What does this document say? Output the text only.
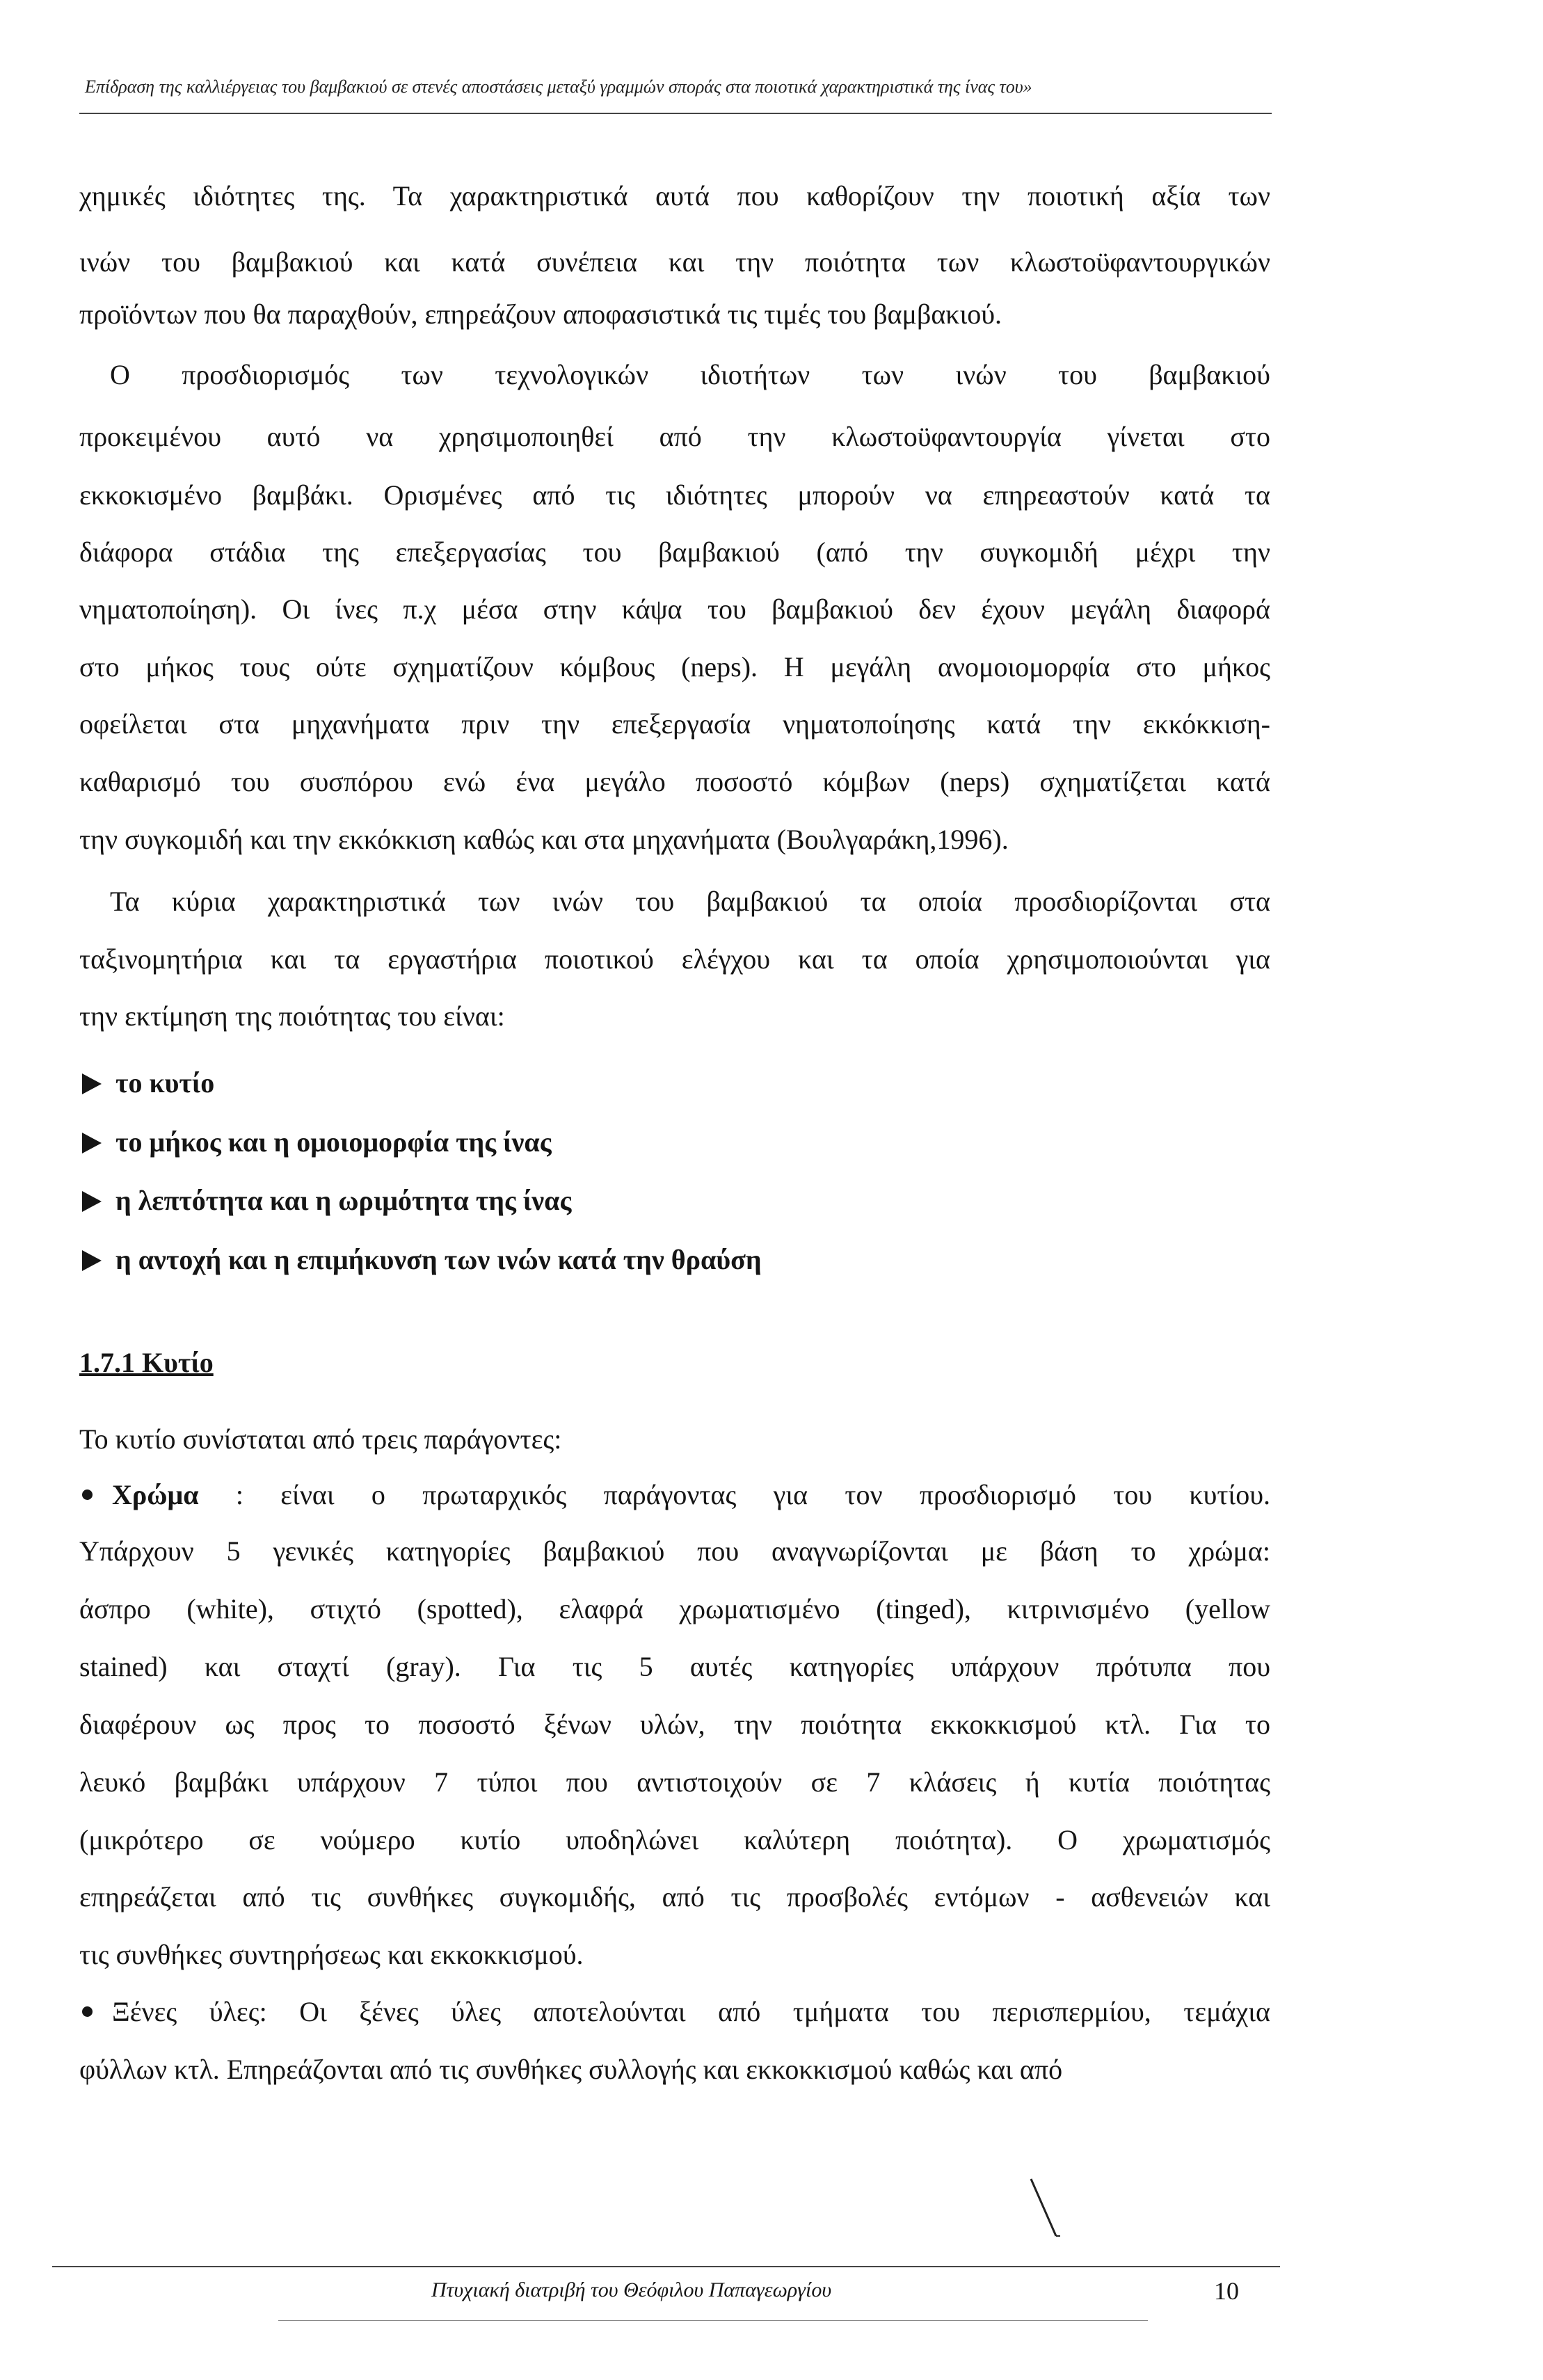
Επίδραση της καλλιέργειας του βαμβακιού σε στενές αποστάσεις μεταξύ γραμμών σποράς στα ποιοτικά χαρακτηριστικά της ίνας του»
χημικές ιδιότητες της. Τα χαρακτηριστικά αυτά που καθορίζουν την ποιοτική αξία των
ινών του βαμβακιού και κατά συνέπεια και την ποιότητα των κλωστοϋφαντουργικών
προϊόντων που θα παραχθούν, επηρεάζουν αποφασιστικά τις τιμές του βαμβακιού.
Ο προσδιορισμός των τεχνολογικών ιδιοτήτων των ινών του βαμβακιού
προκειμένου αυτό να χρησιμοποιηθεί από την κλωστοϋφαντουργία γίνεται στο
εκκοκισμένο βαμβάκι. Ορισμένες από τις ιδιότητες μπορούν να επηρεαστούν κατά τα
διάφορα στάδια της επεξεργασίας του βαμβακιού (από την συγκομιδή μέχρι την
νηματοποίηση). Οι ίνες π.χ μέσα στην κάψα του βαμβακιού δεν έχουν μεγάλη διαφορά
στο μήκος τους ούτε σχηματίζουν κόμβους (neps). Η μεγάλη ανομοιομορφία στο μήκος
οφείλεται στα μηχανήματα πριν την επεξεργασία νηματοποίησης κατά την εκκόκκιση-
καθαρισμό του συσπόρου ενώ ένα μεγάλο ποσοστό κόμβων (neps) σχηματίζεται κατά
την συγκομιδή και την εκκόκκιση καθώς και στα μηχανήματα (Βουλγαράκη,1996).
Τα κύρια χαρακτηριστικά των ινών του βαμβακιού τα οποία προσδιορίζονται στα
ταξινομητήρια και τα εργαστήρια ποιοτικού ελέγχου και τα οποία χρησιμοποιούνται για
την εκτίμηση της ποιότητας του είναι:
το κυτίο
το μήκος και η ομοιομορφία της ίνας
η λεπτότητα και η ωριμότητα της ίνας
η αντοχή και η επιμήκυνση των ινών κατά την θραύση
1.7.1 Κυτίο
Το κυτίο συνίσταται από τρεις παράγοντες:
Χρώμα : είναι ο πρωταρχικός παράγοντας για τον προσδιορισμό του κυτίου.
Υπάρχουν 5 γενικές κατηγορίες βαμβακιού που αναγνωρίζονται με βάση το χρώμα:
άσπρο (white), στιχτό (spotted), ελαφρά χρωματισμένο (tinged), κιτρινισμένο (yellow
stained) και σταχτί (gray). Για τις 5 αυτές κατηγορίες υπάρχουν πρότυπα που
διαφέρουν ως προς το ποσοστό ξένων υλών, την ποιότητα εκκοκκισμού κτλ. Για το
λευκό βαμβάκι υπάρχουν 7 τύποι που αντιστοιχούν σε 7 κλάσεις ή κυτία ποιότητας
(μικρότερο σε νούμερο κυτίο υποδηλώνει καλύτερη ποιότητα). Ο χρωματισμός
επηρεάζεται από τις συνθήκες συγκομιδής, από τις προσβολές εντόμων - ασθενειών και
τις συνθήκες συντηρήσεως και εκκοκκισμού.
Ξένες ύλες: Οι ξένες ύλες αποτελούνται από τμήματα του περισπερμίου, τεμάχια
φύλλων κτλ. Επηρεάζονται από τις συνθήκες συλλογής και εκκοκκισμού καθώς και από
Πτυχιακή διατριβή του Θεόφιλου Παπαγεωργίου	10
